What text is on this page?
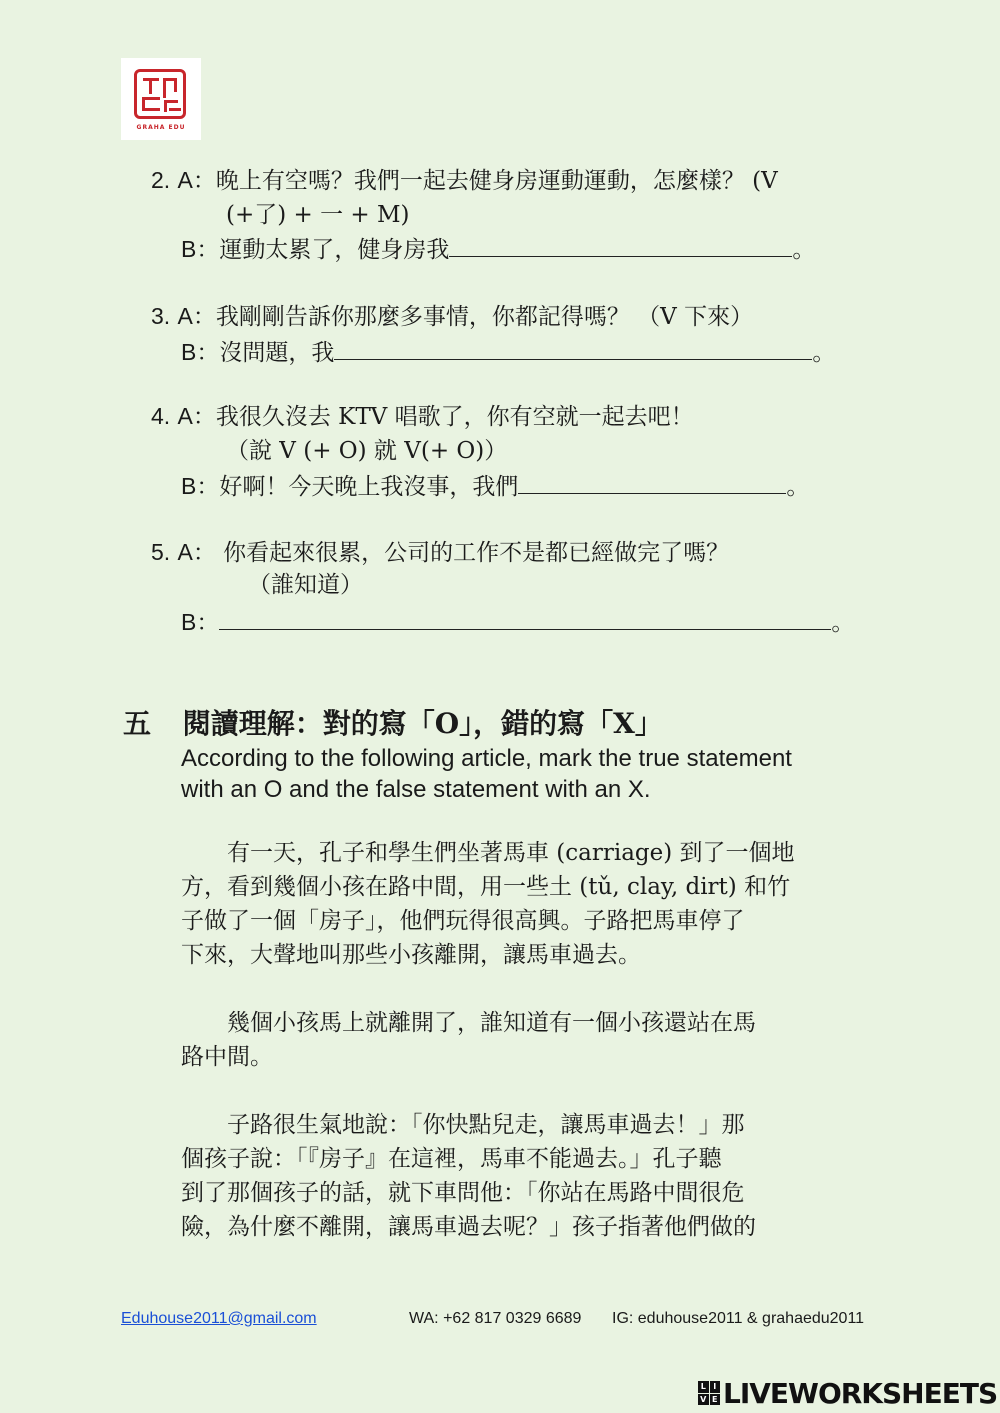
GRAHA EDU
2. A：晚上有空嗎？我們一起去健身房運動運動，怎麼樣？ (V
(+了) + 一 + M)
B：運動太累了，健身房我	。
3. A：我剛剛告訴你那麼多事情，你都記得嗎？ （V 下來）
B：沒問題，我	。
4. A：我很久沒去 KTV 唱歌了，你有空就一起去吧！
（說 V (+ O) 就 V(+ O)）
B：好啊！今天晚上我沒事，我們	。
5. A： 你看起來很累，公司的工作不是都已經做完了嗎？
（誰知道）
B：	。
五 閱讀理解：對的寫「O」，錯的寫「X」
According to the following article, mark the true statement
with an O and the false statement with an X.
　　有一天，孔子和學生們坐著馬車 (carriage) 到了一個地
方，看到幾個小孩在路中間，用一些土 (tǔ, clay, dirt) 和竹
子做了一個「房子」，他們玩得很高興。子路把馬車停了
下來，大聲地叫那些小孩離開，讓馬車過去。
　　幾個小孩馬上就離開了，誰知道有一個小孩還站在馬
路中間。
　　子路很生氣地說：「你快點兒走，讓馬車過去！」那
個孩子說：「『房子』在這裡，馬車不能過去。」孔子聽
到了那個孩子的話，就下車問他：「你站在馬路中間很危
險，為什麼不離開，讓馬車過去呢？」孩子指著他們做的
Eduhouse2011@gmail.com	WA: +62 817 0329 6689 IG: eduhouse2011 & grahaedu2011
L I
V E LIVEWORKSHEETS
